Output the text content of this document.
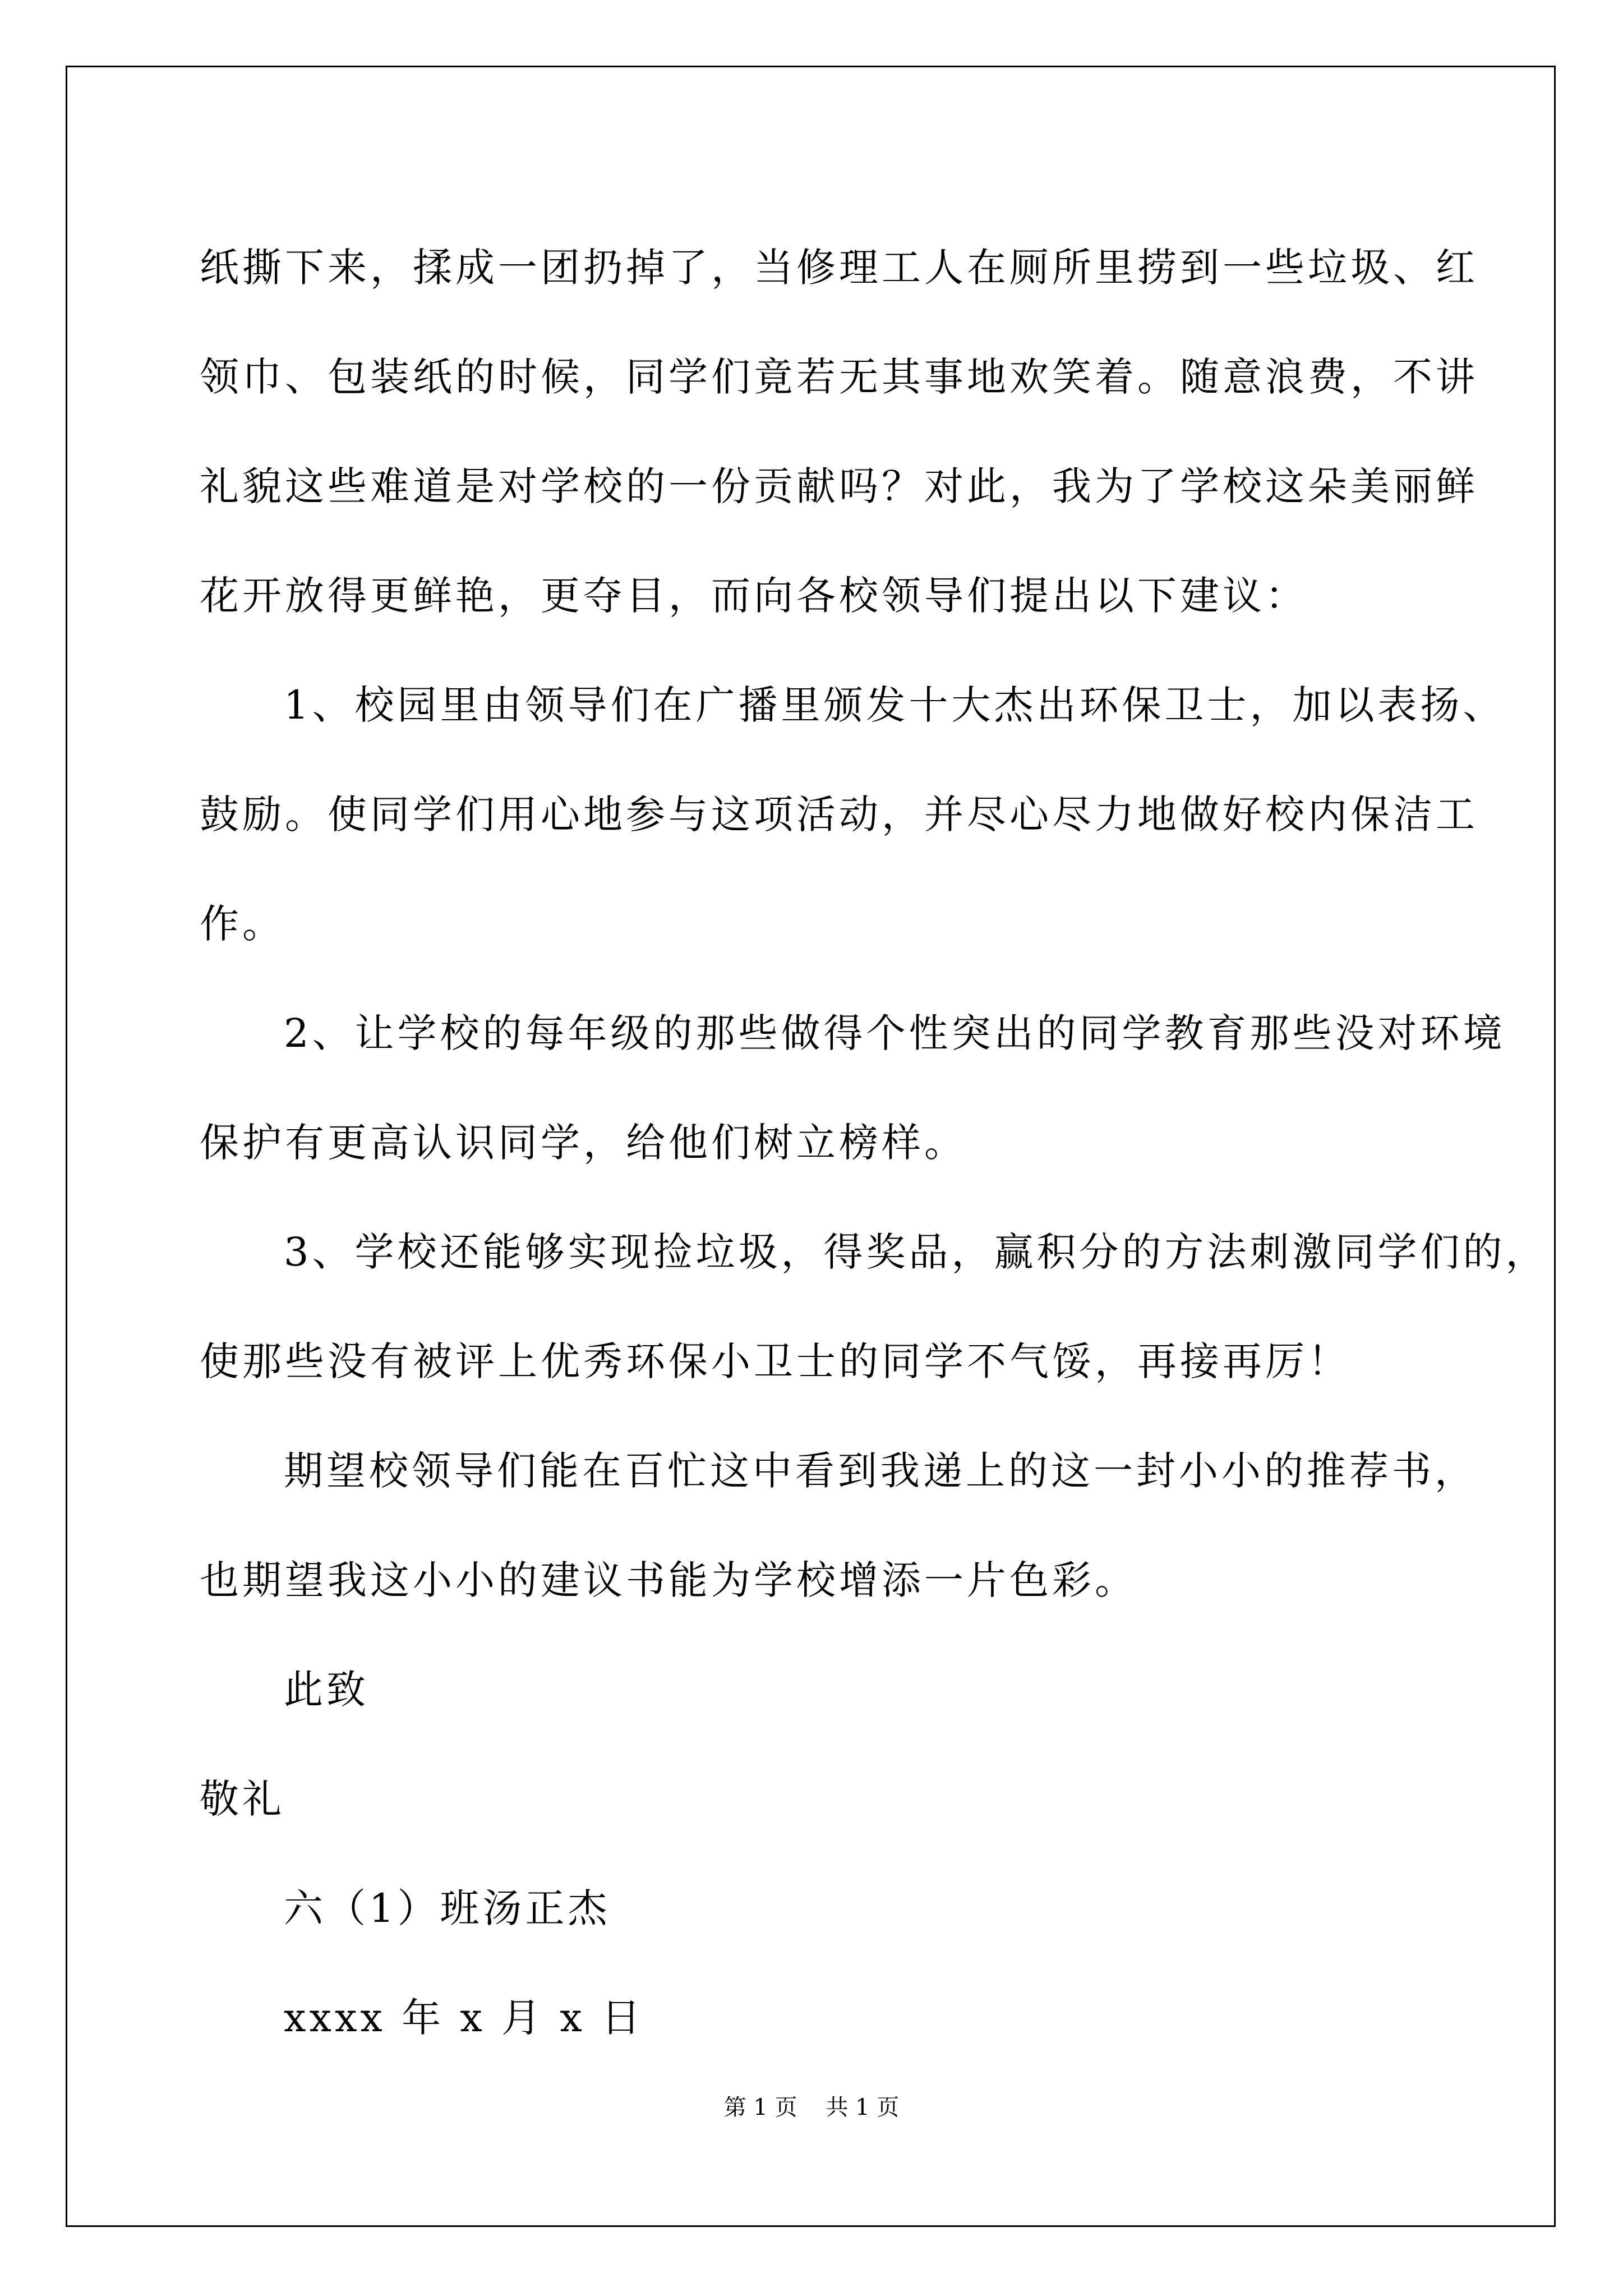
纸撕下来，揉成一团扔掉了，当修理工人在厕所里捞到一些垃圾、红

领巾、包装纸的时候，同学们竟若无其事地欢笑着。随意浪费，不讲

礼貌这些难道是对学校的一份贡献吗？对此，我为了学校这朵美丽鲜

花开放得更鲜艳，更夺目，而向各校领导们提出以下建议：

1、校园里由领导们在广播里颁发十大杰出环保卫士，加以表扬、

鼓励。使同学们用心地参与这项活动，并尽心尽力地做好校内保洁工

作。

2、让学校的每年级的那些做得个性突出的同学教育那些没对环境

保护有更高认识同学，给他们树立榜样。

3、学校还能够实现捡垃圾，得奖品，赢积分的方法刺激同学们的，

使那些没有被评上优秀环保小卫士的同学不气馁，再接再厉！

期望校领导们能在百忙这中看到我递上的这一封小小的推荐书，

也期望我这小小的建议书能为学校增添一片色彩。

此致

敬礼

六（1）班汤正杰

xxxx 年 x 月 x 日

第 1 页    共 1 页
